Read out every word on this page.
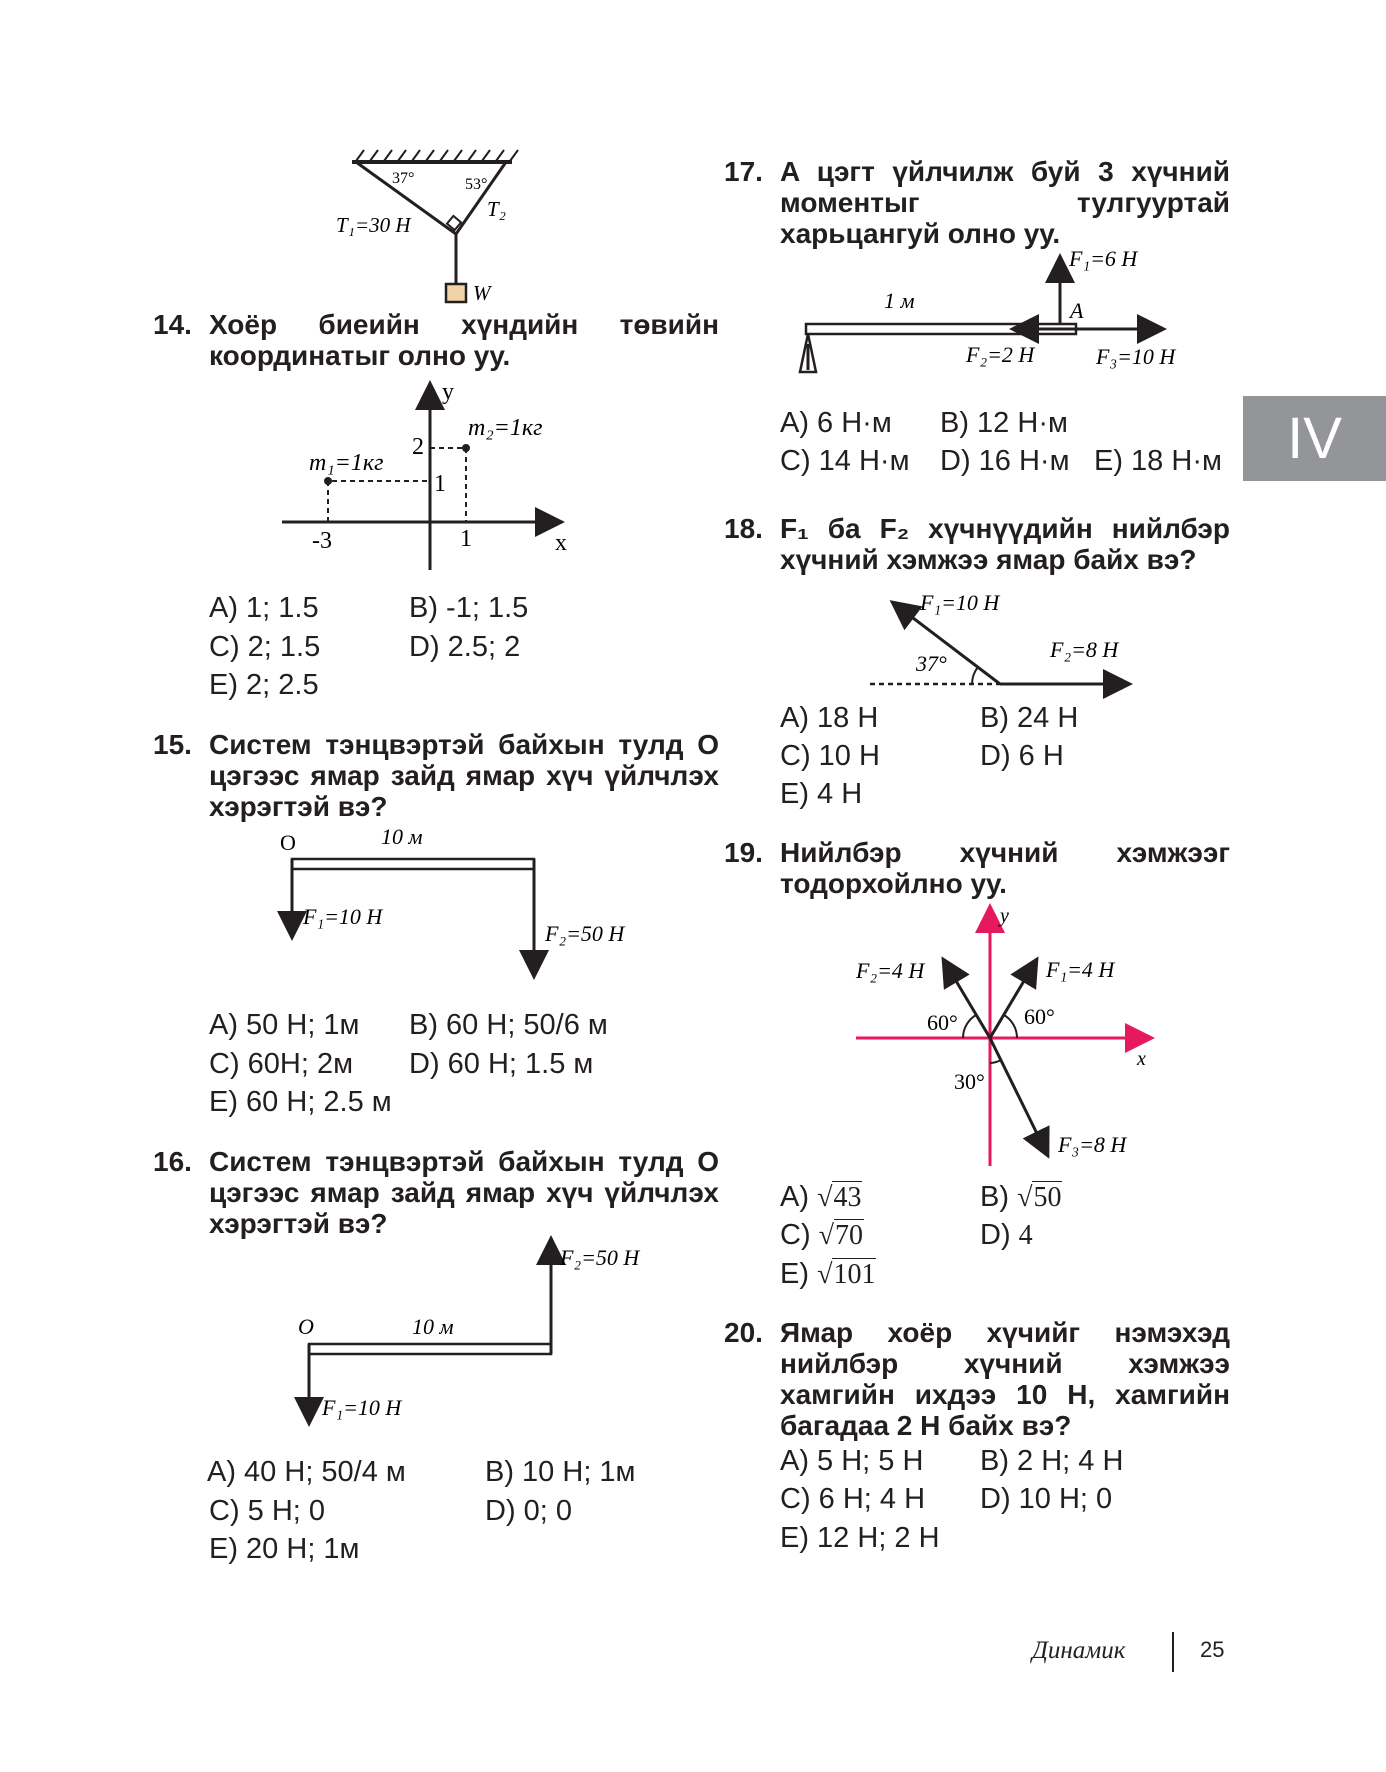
37°	53°
T₁=30 Н
T₂
W
14. Хоёр биеийн хүндийн төвийн координатыг олно уу.
y
x
m₂=1кг
m₁=1кг
2
1
-3	1
A) 1; 1.5	B) -1; 1.5
C) 2; 1.5	D) 2.5; 2
E) 2; 2.5
15. Систем тэнцвэртэй байхын тулд O цэгээс ямар зайд ямар хүч үйлчлэх хэрэгтэй вэ?
O	10 м
F₁=10 Н
F₂=50 Н
A) 50 Н; 1м B) 60 Н; 50/6 м
C) 60Н; 2м D) 60 Н; 1.5 м
E) 60 Н; 2.5 м
16. Систем тэнцвэртэй байхын тулд O цэгээс ямар зайд ямар хүч үйлчлэх хэрэгтэй вэ?
O	10 м
F₂=50 Н
F₁=10 Н
A) 40 Н; 50/4 м	B) 10 Н; 1м
C) 5 Н; 0	D) 0; 0
E) 20 Н; 1м
17. A цэгт үйлчилж буй 3 хүчний моментыг тулгууртай харьцангуй олно уу.
1 м
F₁=6 Н
A
F₂=2 Н	F₃=10 Н
A) 6 Н·м B) 12 Н·м
C) 14 Н·м D) 16 Н·м E) 18 Н·м
18. F₁ ба F₂ хүчнүүдийн нийлбэр хүчний хэмжээ ямар байх вэ?
F₁=10 Н
37°
F₂=8 Н
A) 18 Н	B) 24 Н
C) 10 Н	D) 6 Н
E) 4 Н
19. Нийлбэр хүчний хэмжээг тодорхойлно уу.
y
x
F₂=4 Н	F₁=4 Н
60°	60°
30°
F₃=8 Н
A) √43	B) √50
C) √70	D) 4
E) √101
20. Ямар хоёр хүчийг нэмэхэд нийлбэр хүчний хэмжээ хамгийн ихдээ 10 Н, хамгийн багадаа 2 Н байх вэ?
A) 5 Н; 5 Н B) 2 Н; 4 Н
C) 6 Н; 4 Н D) 10 Н; 0
E) 12 Н; 2 Н
IV
Динамик	25
